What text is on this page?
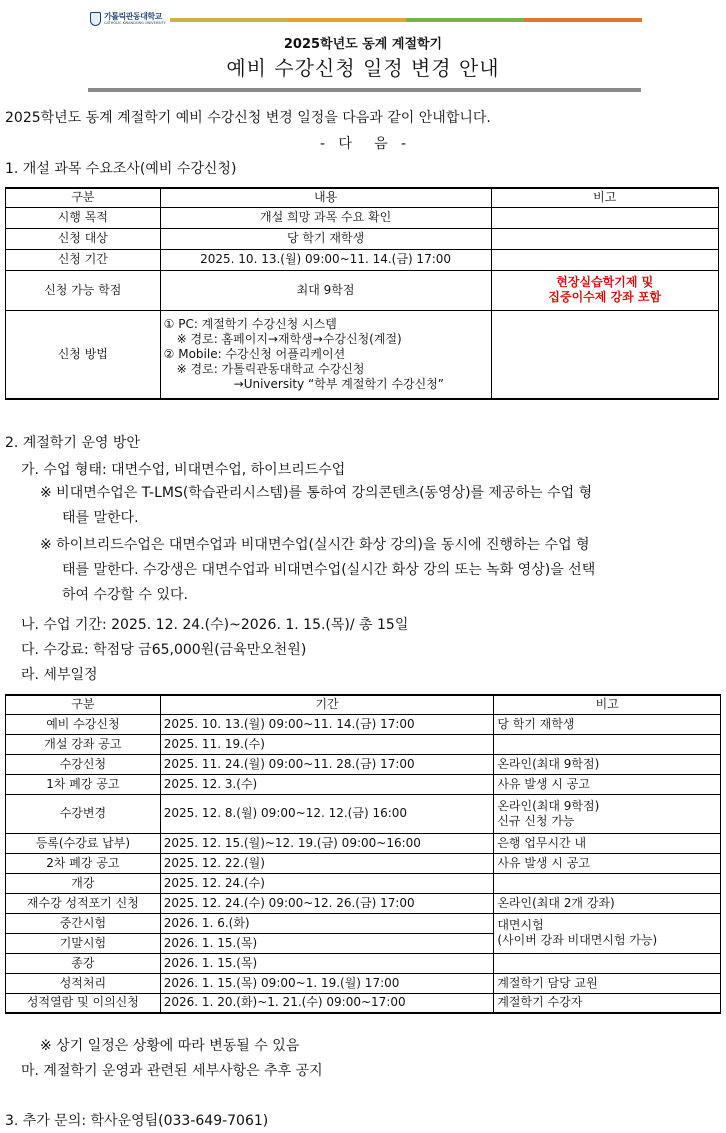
가톨릭관동대학교
CATHOLIC KWANDONG UNIVERSITY
2025학년도 동계 계절학기
예비 수강신청 일정 변경 안내
2025학년도 동계 계절학기 예비 수강신청 변경 일정을 다음과 같이 안내합니다.
-   다     음   -
1. 개설 과목 수요조사(예비 수강신청)
구분	내용	비고
시행 목적	개설 희망 과목 수요 확인	
신청 대상	당 학기 재학생	
신청 기간	2025. 10. 13.(월) 09:00~11. 14.(금) 17:00	
신청 가능 학점	최대 9학점	현장실습학기제 및
집중이수제 강좌 포함

신청 방법	① PC: 계절학기 수강신청 시스템
※ 경로: 홈페이지→재학생→수강신청(계절)
② Mobile: 수강신청 어플리케이션
※ 경로: 가톨릭관동대학교 수강신청
→University “학부 계절학기 수강신청”	

2. 계절학기 운영 방안
가. 수업 형태: 대면수업, 비대면수업, 하이브리드수업
※ 비대면수업은 T-LMS(학습관리시스템)를 통하여 강의콘텐츠(동영상)를 제공하는 수업 형
태를 말한다.
※ 하이브리드수업은 대면수업과 비대면수업(실시간 화상 강의)을 동시에 진행하는 수업 형
태를 말한다. 수강생은 대면수업과 비대면수업(실시간 화상 강의 또는 녹화 영상)을 선택
하여 수강할 수 있다.
나. 수업 기간: 2025. 12. 24.(수)~2026. 1. 15.(목)/ 총 15일
다. 수강료: 학점당 금65,000원(금육만오천원)
라. 세부일정
구분	기간	비고
예비 수강신청	2025. 10. 13.(월) 09:00~11. 14.(금) 17:00	당 학기 재학생
개설 강좌 공고	2025. 11. 19.(수)	
수강신청	2025. 11. 24.(월) 09:00~11. 28.(금) 17:00	온라인(최대 9학점)
1차 폐강 공고	2025. 12. 3.(수)	사유 발생 시 공고
수강변경	2025. 12. 8.(월) 09:00~12. 12.(금) 16:00	온라인(최대 9학점)
신규 신청 가능

등록(수강료 납부)	2025. 12. 15.(월)~12. 19.(금) 09:00~16:00	은행 업무시간 내
2차 폐강 공고	2025. 12. 22.(월)	사유 발생 시 공고
개강	2025. 12. 24.(수)	
재수강 성적포기 신청	2025. 12. 24.(수) 09:00~12. 26.(금) 17:00	온라인(최대 2개 강좌)
중간시험	2026. 1. 6.(화)	대면시험
(사이버 강좌 비대면시험 가능)

기말시험	2026. 1. 15.(목)	
종강	2026. 1. 15.(목)	
성적처리	2026. 1. 15.(목) 09:00~1. 19.(월) 17:00	계절학기 담당 교원
성적열람 및 이의신청	2026. 1. 20.(화)~1. 21.(수) 09:00~17:00	계절학기 수강자
※ 상기 일정은 상황에 따라 변동될 수 있음
마. 계절학기 운영과 관련된 세부사항은 추후 공지
3. 추가 문의: 학사운영팀(033-649-7061)
